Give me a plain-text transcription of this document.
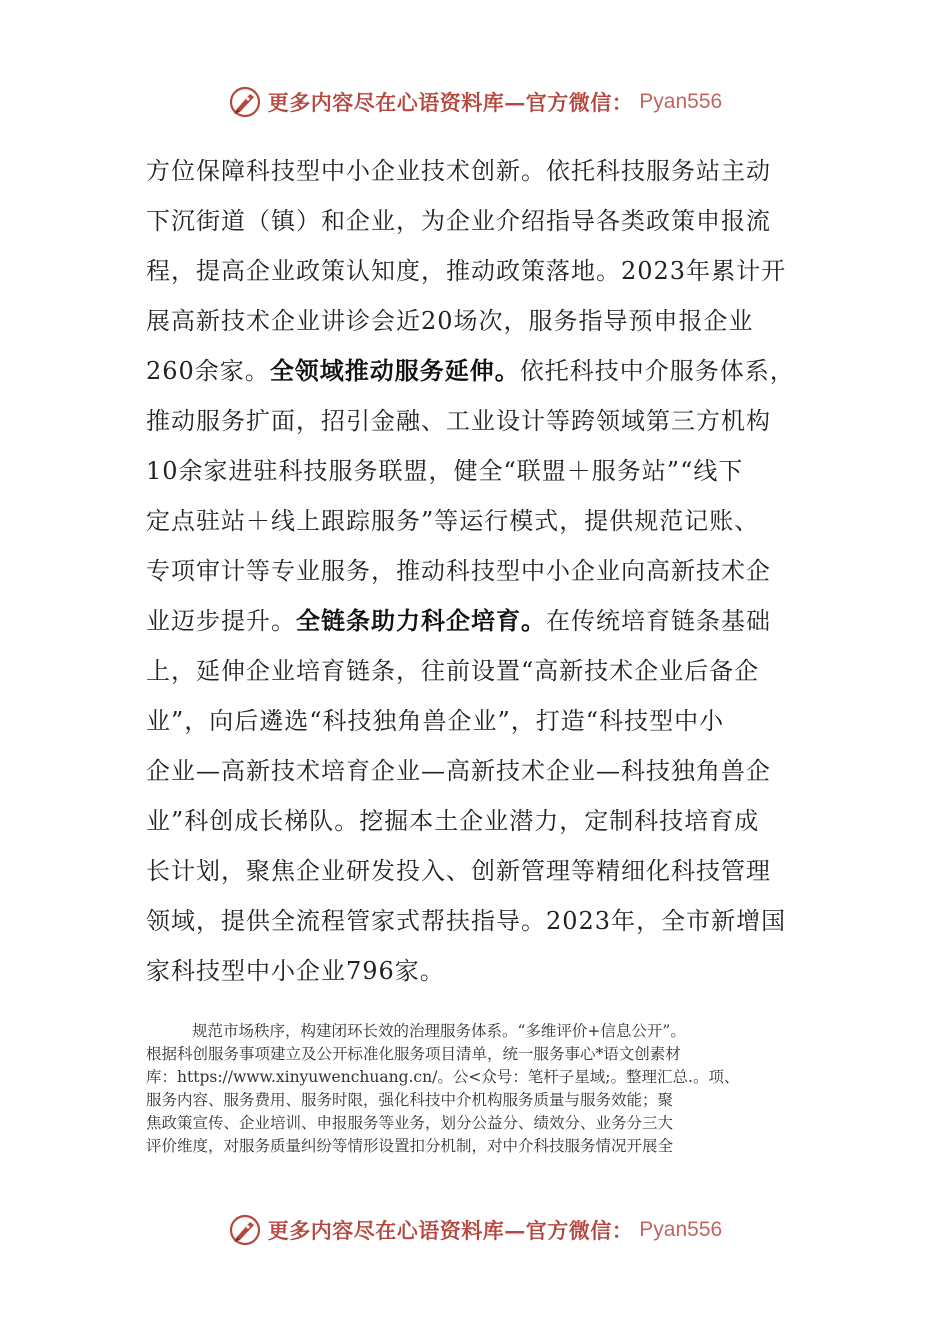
更多内容尽在心语资料库—官方微信： Pyan556
方位保障科技型中小企业技术创新。依托科技服务站主动
下沉街道（镇）和企业，为企业介绍指导各类政策申报流
程，提高企业政策认知度，推动政策落地。2023年累计开
展高新技术企业讲诊会近20场次，服务指导预申报企业
260余家。全领域推动服务延伸。依托科技中介服务体系，
推动服务扩面，招引金融、工业设计等跨领域第三方机构
10余家进驻科技服务联盟，健全“联盟＋服务站”“线下
定点驻站＋线上跟踪服务”等运行模式，提供规范记账、
专项审计等专业服务，推动科技型中小企业向高新技术企
业迈步提升。全链条助力科企培育。在传统培育链条基础
上，延伸企业培育链条，往前设置“高新技术企业后备企
业”，向后遴选“科技独角兽企业”，打造“科技型中小
企业—高新技术培育企业—高新技术企业—科技独角兽企
业”科创成长梯队。挖掘本土企业潜力，定制科技培育成
长计划，聚焦企业研发投入、创新管理等精细化科技管理
领域，提供全流程管家式帮扶指导。2023年，全市新增国
家科技型中小企业796家。
规范市场秩序，构建闭环长效的治理服务体系。“多维评价+信息公开”。
根据科创服务事项建立及公开标准化服务项目清单，统一服务事心*语文创素材
库：https://www.xinyuwenchuang.cn/。公<众号：笔杆子星域;。整理汇总.。项、
服务内容、服务费用、服务时限，强化科技中介机构服务质量与服务效能；聚
焦政策宣传、企业培训、申报服务等业务，划分公益分、绩效分、业务分三大
评价维度，对服务质量纠纷等情形设置扣分机制，对中介科技服务情况开展全
更多内容尽在心语资料库—官方微信： Pyan556
